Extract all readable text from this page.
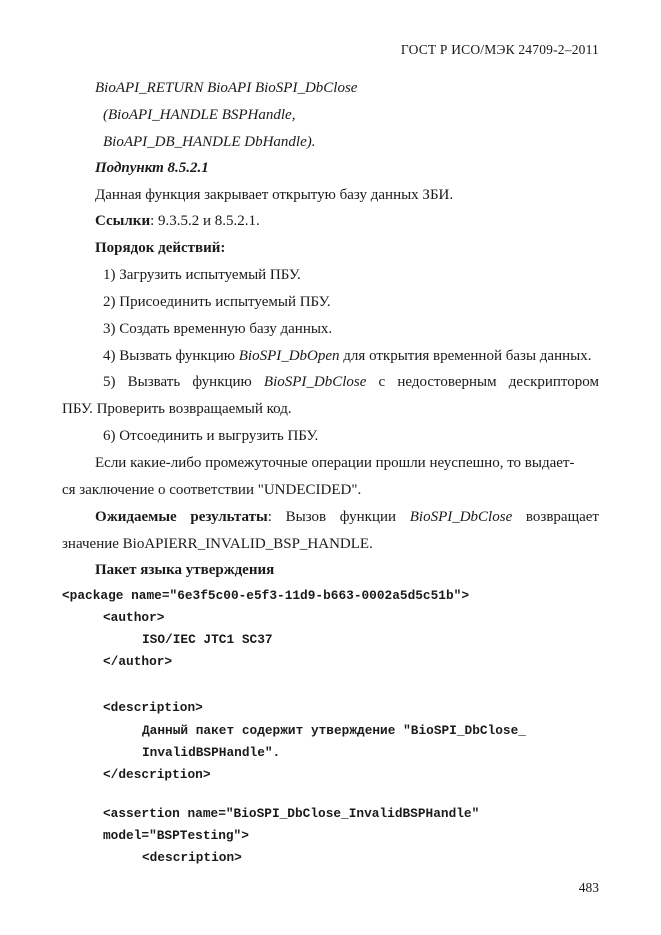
ГОСТ Р ИСО/МЭК 24709-2–2011
BioAPI_RETURN BioAPI BioSPI_DbClose
(BioAPI_HANDLE BSPHandle,
BioAPI_DB_HANDLE DbHandle).
Подпункт 8.5.2.1
Данная функция закрывает открытую базу данных ЗБИ.
Ссылки: 9.3.5.2 и 8.5.2.1.
Порядок действий:
1) Загрузить испытуемый ПБУ.
2) Присоединить испытуемый ПБУ.
3) Создать временную базу данных.
4) Вызвать функцию BioSPI_DbOpen для открытия временной базы данных.
5) Вызвать функцию BioSPI_DbClose с недостоверным дескриптором
ПБУ. Проверить возвращаемый код.
6) Отсоединить и выгрузить ПБУ.
Если какие-либо промежуточные операции прошли неуспешно, то выдает-
ся заключение о соответствии "UNDECIDED".
Ожидаемые результаты: Вызов функции BioSPI_DbClose возвращает
значение BioAPIERR_INVALID_BSP_HANDLE.
Пакет языка утверждения
<package name="6e3f5c00-e5f3-11d9-b663-0002a5d5c51b">
<author>
ISO/IEC JTC1 SC37
</author>
<description>
Данный пакет содержит утверждение "BioSPI_DbClose_
InvalidBSPHandle".
</description>
<assertion name="BioSPI_DbClose_InvalidBSPHandle"
model="BSPTesting">
<description>
483
